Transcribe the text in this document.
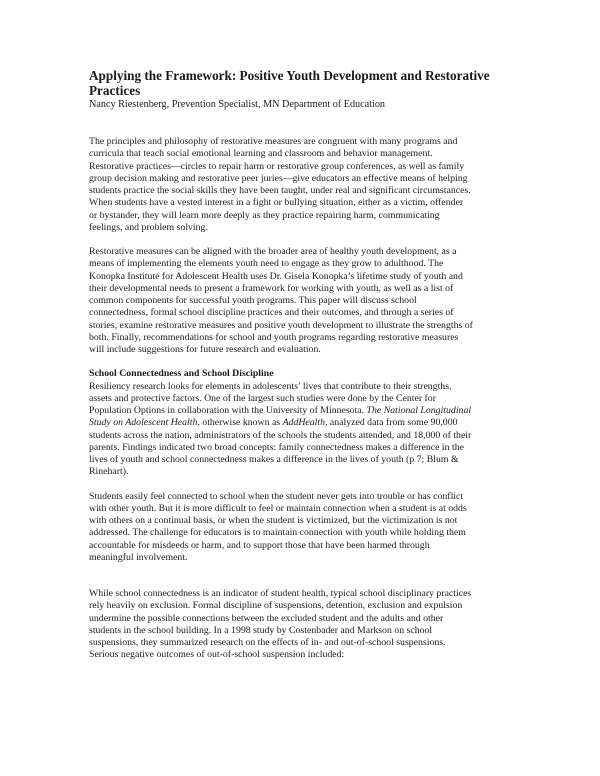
Applying the Framework: Positive Youth Development and Restorative
Practices
Nancy Riestenberg, Prevention Specialist, MN Department of Education

The principles and philosophy of restorative measures are congruent with many programs and
curricula that teach social emotional learning and classroom and behavior management.
Restorative practices—circles to repair harm or restorative group conferences, as well as family
group decision making and restorative peer juries—give educators an effective means of helping
students practice the social skills they have been taught, under real and significant circumstances.
When students have a vested interest in a fight or bullying situation, either as a victim, offender
or bystander, they will learn more deeply as they practice repairing harm, communicating
feelings, and problem solving.

Restorative measures can be aligned with the broader area of healthy youth development, as a
means of implementing the elements youth need to engage as they grow to adulthood. The
Konopka Institute for Adolescent Health uses Dr. Gisela Konopka’s lifetime study of youth and
their developmental needs to present a framework for working with youth, as well as a list of
common components for successful youth programs. This paper will discuss school
connectedness, formal school discipline practices and their outcomes, and through a series of
stories, examine restorative measures and positive youth development to illustrate the strengths of
both. Finally, recommendations for school and youth programs regarding restorative measures
will include suggestions for future research and evaluation.

School Connectedness and School Discipline

Resiliency research looks for elements in adolescents’ lives that contribute to their strengths,
assets and protective factors. One of the largest such studies were done by the Center for
Population Options in collaboration with the University of Minnesota. The National Longitudinal
Study on Adolescent Health, otherwise known as AddHealth, analyzed data from some 90,000
students across the nation, administrators of the schools the students attended, and 18,000 of their
parents. Findings indicated two broad concepts: family connectedness makes a difference in the
lives of youth and school connectedness makes a difference in the lives of youth (p 7; Blum &
Rinehart).

Students easily feel connected to school when the student never gets into trouble or has conflict
with other youth. But it is more difficult to feel or maintain connection when a student is at odds
with others on a continual basis, or when the student is victimized, but the victimization is not
addressed. The challenge for educators is to maintain connection with youth while holding them
accountable for misdeeds or harm, and to support those that have been harmed through
meaningful involvement.

While school connectedness is an indicator of student health, typical school disciplinary practices
rely heavily on exclusion. Formal discipline of suspensions, detention, exclusion and expulsion
undermine the possible connections between the excluded student and the adults and other
students in the school building. In a 1998 study by Costenbader and Markson on school
suspensions, they summarized research on the effects of in- and out-of-school suspensions.
Serious negative outcomes of out-of-school suspension included:
